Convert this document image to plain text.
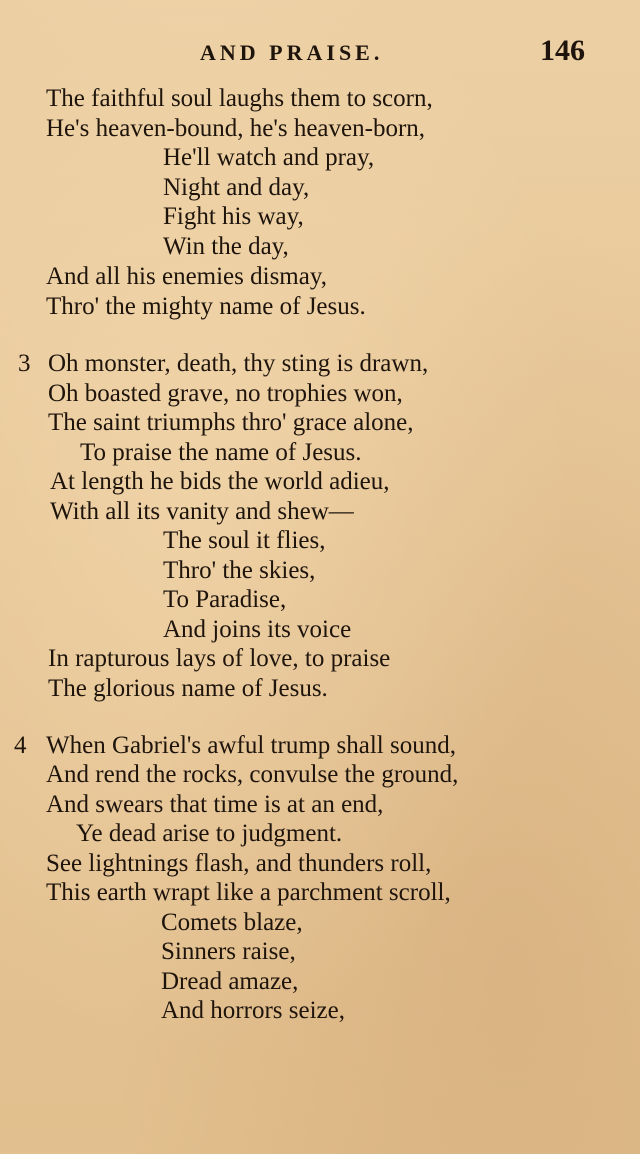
AND PRAISE.	146
The faithful soul laughs them to scorn,
He's heaven-bound, he's heaven-born,
He'll watch and pray,
Night and day,
Fight his way,
Win the day,
And all his enemies dismay,
Thro' the mighty name of Jesus.
3 Oh monster, death, thy sting is drawn,
Oh boasted grave, no trophies won,
The saint triumphs thro' grace alone,
To praise the name of Jesus.
At length he bids the world adieu,
With all its vanity and shew—
The soul it flies,
Thro' the skies,
To Paradise,
And joins its voice
In rapturous lays of love, to praise
The glorious name of Jesus.
4 When Gabriel's awful trump shall sound,
And rend the rocks, convulse the ground,
And swears that time is at an end,
Ye dead arise to judgment.
See lightnings flash, and thunders roll,
This earth wrapt like a parchment scroll,
Comets blaze,
Sinners raise,
Dread amaze,
And horrors seize,
